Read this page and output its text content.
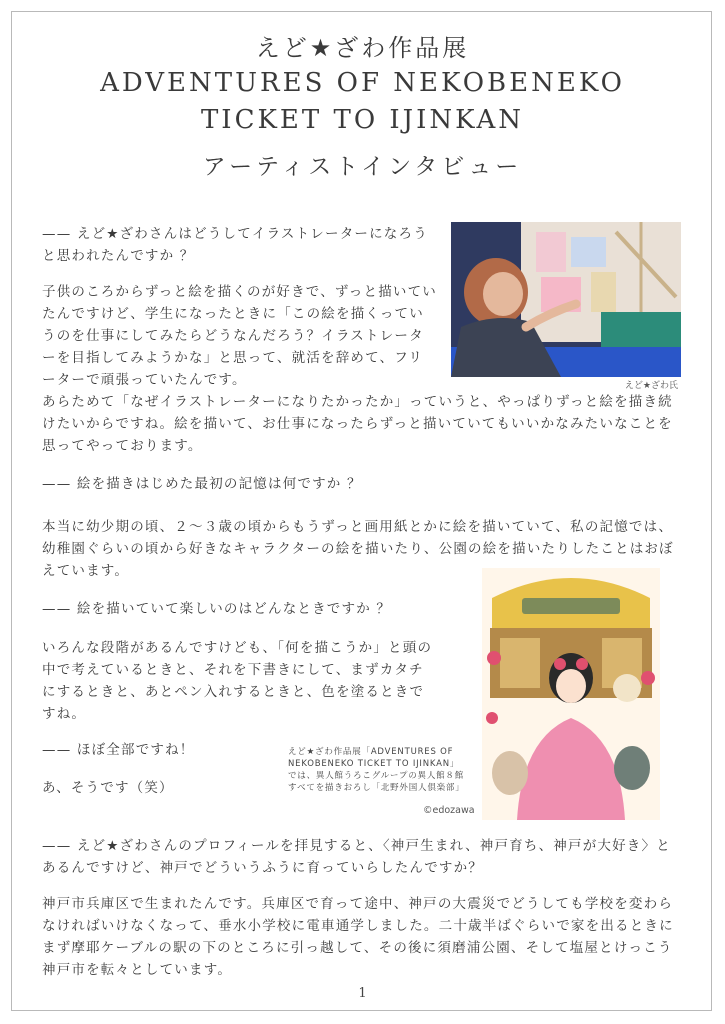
えど★ざわ作品展
ADVENTURES OF NEKOBENEKO
TICKET TO IJINKAN
アーティストインタビュー

—— えど★ざわさんはどうしてイラストレーターになろうと思われたんですか ？

子供のころからずっと絵を描くのが好きで、ずっと描いていたんですけど、学生になったときに「この絵を描くっていうのを仕事にしてみたらどうなんだろう？イラストレーターを目指してみようかな」と思って、就活を辞めて、フリーターで頑張っていたんです。

あらためて「なぜイラストレーターになりたかったか」っていうと、やっぱりずっと絵を描き続けたいからですね。絵を描いて、お仕事になったらずっと描いていてもいいかなみたいなことを思ってやっております。

—— 絵を描きはじめた最初の記憶は何ですか ？

本当に幼少期の頃、２〜３歳の頃からもうずっと画用紙とかに絵を描いていて、私の記憶では、幼稚園ぐらいの頃から好きなキャラクターの絵を描いたり、公園の絵を描いたりしたことはおぼえています。

—— 絵を描いていて楽しいのはどんなときですか ？

いろんな段階があるんですけども、「何を描こうか」と頭の中で考えているときと、それを下書きにして、まずカタチにするときと、あとペン入れするときと、色を塗るときですね。

—— ほぼ全部ですね！

あ、そうです（笑）

—— えど★ざわさんのプロフィールを拝見すると、〈神戸生まれ、神戸育ち、神戸が大好き〉とあるんですけど、神戸でどういうふうに育っていらしたんですか？

神戸市兵庫区で生まれたんです。兵庫区で育って途中、神戸の大震災でどうしても学校を変わらなければいけなくなって、垂水小学校に電車通学しました。二十歳半ばぐらいで家を出るときにまず摩耶ケーブルの駅の下のところに引っ越して、その後に須磨浦公園、そして塩屋とけっこう神戸市を転々としています。

えど★ざわ氏
えど★ざわ作品展「ADVENTURES OF
NEKOBENEKO TICKET TO IJINKAN」
では、異人館うろこグループの異人館８館
すべてを描きおろし「北野外国人倶楽部」
©edozawa
1
